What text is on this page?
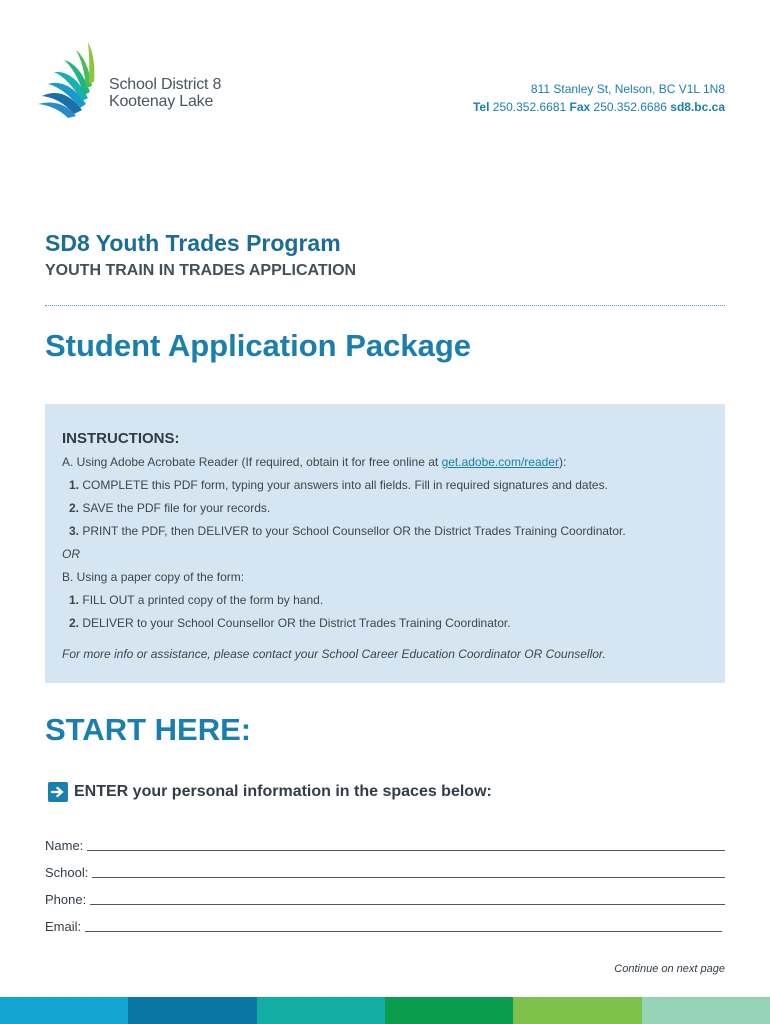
School District 8
Kootenay Lake
811 Stanley St, Nelson, BC V1L 1N8
Tel 250.352.6681 Fax 250.352.6686 sd8.bc.ca
SD8 Youth Trades Program
YOUTH TRAIN IN TRADES APPLICATION
Student Application Package
INSTRUCTIONS:
A. Using Adobe Acrobate Reader (If required, obtain it for free online at get.adobe.com/reader):
1. COMPLETE this PDF form, typing your answers into all fields. Fill in required signatures and dates.
2. SAVE the PDF file for your records.
3. PRINT the PDF, then DELIVER to your School Counsellor OR the District Trades Training Coordinator.
OR
B. Using a paper copy of the form:
1. FILL OUT a printed copy of the form by hand.
2. DELIVER to your School Counsellor OR the District Trades Training Coordinator.
For more info or assistance, please contact your School Career Education Coordinator OR Counsellor.
START HERE:
ENTER your personal information in the spaces below:
Name:
School:
Phone:
Email:
Continue on next page
